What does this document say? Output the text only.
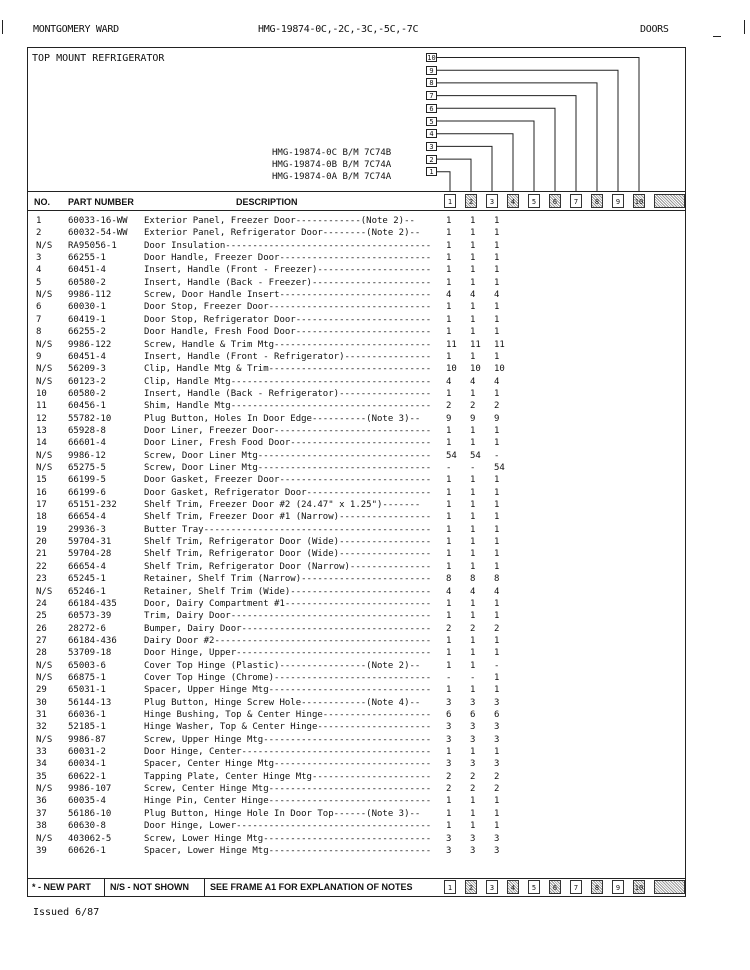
MONTGOMERY WARD	HMG-19874-0C,-2C,-3C,-5C,-7C	DOORS
TOP MOUNT REFRIGERATOR	10
9
8
7
6
5
4
3
2
1
HMG-19874-0C B/M 7C74B
HMG-19874-0B B/M 7C74A
HMG-19874-0A B/M 7C74A
NO. PART NUMBER	DESCRIPTION	1	2	3	4	5	6	7	8	9	10
1	60033-16-WW Exterior Panel, Freezer Door------------(Note 2)--	1 1 1
2	60032-54-WW Exterior Panel, Refrigerator Door--------(Note 2)--	1 1 1
N/S RA95056-1	Door Insulation-------------------------------------- 1 1 1
3	66255-1	Door Handle, Freezer Door---------------------------- 1 1 1
4	60451-4	Insert, Handle (Front - Freezer)--------------------- 1 1 1
5	60580-2	Insert, Handle (Back - Freezer)---------------------- 1 1 1
N/S 9986-112	Screw, Door Handle Insert---------------------------- 4 4 4
6	60030-1	Door Stop, Freezer Door------------------------------ 1 1 1
7	60419-1	Door Stop, Refrigerator Door------------------------- 1 1 1
8	66255-2	Door Handle, Fresh Food Door------------------------- 1 1 1
N/S 9986-122	Screw, Handle & Trim Mtg----------------------------- 11 11 11
9	60451-4	Insert, Handle (Front - Refrigerator)---------------- 1 1 1
N/S 56209-3	Clip, Handle Mtg & Trim------------------------------ 10 10 10
N/S 60123-2	Clip, Handle Mtg------------------------------------- 4 4 4
10 60580-2	Insert, Handle (Back - Refrigerator)----------------- 1 1 1
11 60456-1	Shim, Handle Mtg------------------------------------- 2 2 2
12 55782-10	Plug Button, Holes In Door Edge----------(Note 3)--	9 9 9
13 65928-8	Door Liner, Freezer Door----------------------------- 1 1 1
14 66601-4	Door Liner, Fresh Food Door-------------------------- 1 1 1
N/S 9986-12	Screw, Door Liner Mtg-------------------------------- 54 54 -
N/S 65275-5	Screw, Door Liner Mtg-------------------------------- - - 54
15 66199-5	Door Gasket, Freezer Door---------------------------- 1 1 1
16 66199-6	Door Gasket, Refrigerator Door----------------------- 1 1 1
17 65151-232	Shelf Trim, Freezer Door #2 (24.47" x 1.25")-------	1 1 1
18 66654-4	Shelf Trim, Freezer Door #1 (Narrow)----------------- 1 1 1
19 29936-3	Butter Tray------------------------------------------ 1 1 1
20 59704-31	Shelf Trim, Refrigerator Door (Wide)----------------- 1 1 1
21 59704-28	Shelf Trim, Refrigerator Door (Wide)----------------- 1 1 1
22 66654-4	Shelf Trim, Refrigerator Door (Narrow)--------------- 1 1 1
23 65245-1	Retainer, Shelf Trim (Narrow)------------------------ 8 8 8
N/S 65246-1	Retainer, Shelf Trim (Wide)-------------------------- 4 4 4
24 66184-435	Door, Dairy Compartment #1--------------------------- 1 1 1
25 60573-39	Trim, Dairy Door------------------------------------- 1 1 1
26 28272-6	Bumper, Dairy Door----------------------------------- 2 2 2
27 66184-436	Dairy Door #2---------------------------------------- 1 1 1
28 53709-18	Door Hinge, Upper------------------------------------ 1 1 1
N/S 65003-6	Cover Top Hinge (Plastic)----------------(Note 2)--	1 1 -
N/S 66875-1	Cover Top Hinge (Chrome)----------------------------- - - 1
29 65031-1	Spacer, Upper Hinge Mtg------------------------------ 1 1 1
30 56144-13	Plug Button, Hinge Screw Hole------------(Note 4)--	3 3 3
31 66036-1	Hinge Bushing, Top & Center Hinge-------------------- 6 6 6
32 52185-1	Hinge Washer, Top & Center Hinge--------------------- 3 3 3
N/S 9986-87	Screw, Upper Hinge Mtg------------------------------- 3 3 3
33 60031-2	Door Hinge, Center----------------------------------- 1 1 1
34 60034-1	Spacer, Center Hinge Mtg----------------------------- 3 3 3
35 60622-1	Tapping Plate, Center Hinge Mtg---------------------- 2 2 2
N/S 9986-107	Screw, Center Hinge Mtg------------------------------ 2 2 2
36 60035-4	Hinge Pin, Center Hinge------------------------------ 1 1 1
37 56186-10	Plug Button, Hinge Hole In Door Top------(Note 3)--	1 1 1
38 60630-8	Door Hinge, Lower------------------------------------ 1 1 1
N/S 403062-5	Screw, Lower Hinge Mtg------------------------------- 3 3 3
39 60626-1	Spacer, Lower Hinge Mtg------------------------------ 3 3 3
* - NEW PART N/S - NOT SHOWN SEE FRAME A1 FOR EXPLANATION OF NOTES	1	2	3	4	5	6	7	8	9	10
Issued 6/87
